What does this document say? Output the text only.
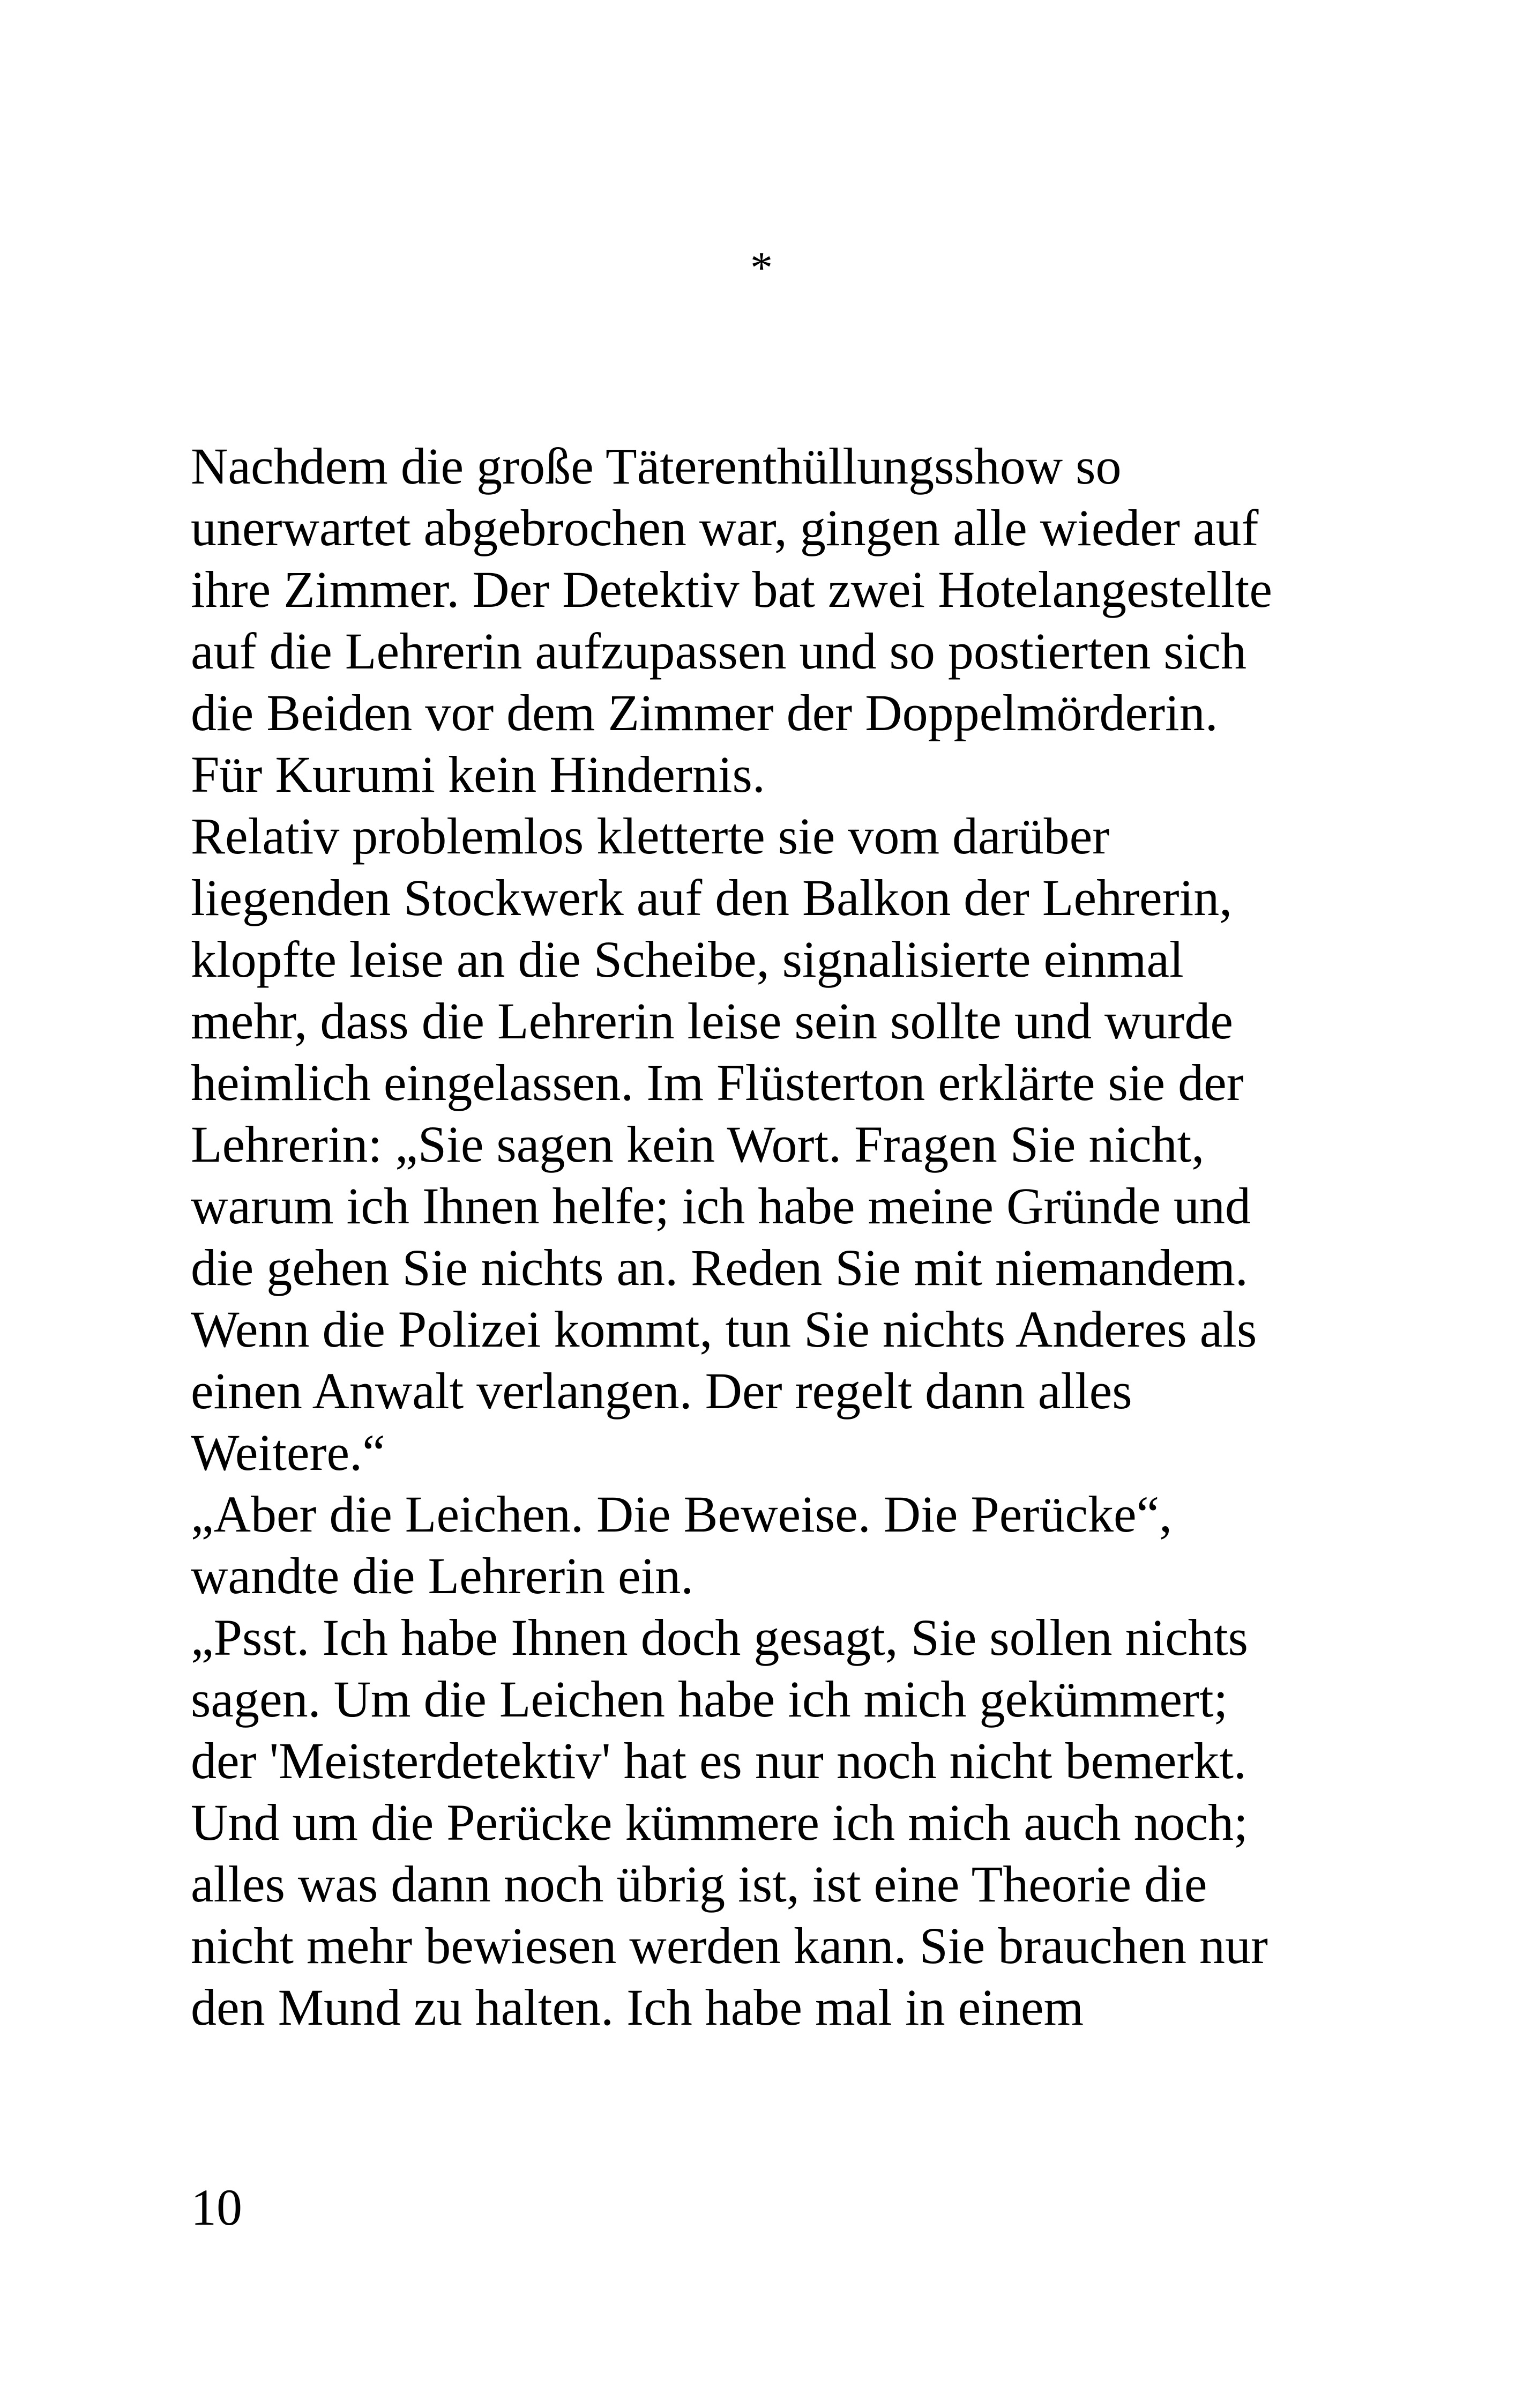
*
Nachdem die große Täterenthüllungsshow so
unerwartet abgebrochen war, gingen alle wieder auf
ihre Zimmer. Der Detektiv bat zwei Hotelangestellte
auf die Lehrerin aufzupassen und so postierten sich
die Beiden vor dem Zimmer der Doppelmörderin.
Für Kurumi kein Hindernis.
Relativ problemlos kletterte sie vom darüber
liegenden Stockwerk auf den Balkon der Lehrerin,
klopfte leise an die Scheibe, signalisierte einmal
mehr, dass die Lehrerin leise sein sollte und wurde
heimlich eingelassen. Im Flüsterton erklärte sie der
Lehrerin: „Sie sagen kein Wort. Fragen Sie nicht,
warum ich Ihnen helfe; ich habe meine Gründe und
die gehen Sie nichts an. Reden Sie mit niemandem.
Wenn die Polizei kommt, tun Sie nichts Anderes als
einen Anwalt verlangen. Der regelt dann alles
Weitere.“
„Aber die Leichen. Die Beweise. Die Perücke“,
wandte die Lehrerin ein.
„Psst. Ich habe Ihnen doch gesagt, Sie sollen nichts
sagen. Um die Leichen habe ich mich gekümmert;
der 'Meisterdetektiv' hat es nur noch nicht bemerkt.
Und um die Perücke kümmere ich mich auch noch;
alles was dann noch übrig ist, ist eine Theorie die
nicht mehr bewiesen werden kann. Sie brauchen nur
den Mund zu halten. Ich habe mal in einem
10
